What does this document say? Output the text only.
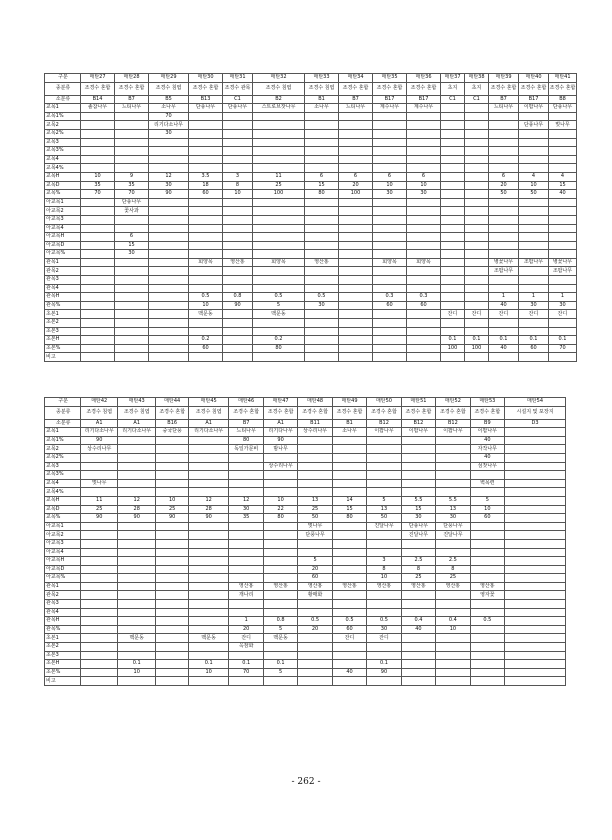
구분	매탄27	매탄28	매탄29	매탄30	매탄31	매탄32	매탄33	매탄34	매탄35	매탄36	매탄37	매탄38	매탄39	매탄40	매탄41
종분류	조경수 혼합	조경수 혼합	조경수 침엽	조경수 혼합	조경수 관목	조경수 침엽	조경수 침엽	조경수 혼합	조경수 혼합	조경수 혼합	초지	초지	조경수 혼합	조경수 혼합	조경수 혼합
소분류	B14	B7	B5	B13	C1	B2	B1	B7	B17	B17	C1	C1	B7	B17	B8
교목1	졸참나무	느티나무	소나무	단풍나무	단풍나무	스트로브잣나무	소나무	느티나무	계수나무	계수나무			느티나무	이팝나무	단풍나무
교목1%			70												
교목2			리기다소나무											단풍나무	벚나무
교목2%			30												
교목3															
교목3%															
교목4															
교목4%															
교목H	10	9	12	3.5	3	11	6	6	6	6			6	4	4
교목D	35	35	30	18	8	25	15	20	10	10			20	10	15
교목%	70	70	90	60	10	100	80	100	30	30			50	50	40
아교목1		단풍나무													
아교목2		꽃사과													
아교목3															
아교목4															
아교목H		6													
아교목D		15													
아교목%		30													
관목1				회양목	영산홍	회양목	영산홍		회양목	회양목			병꽃나무	조팝나무	병꽃나무
관목2													조팝나무		조팝나무
관목3															
관목4															
관목H				0.5	0.8	0.5	0.5		0.3	0.3			1	1	1
관목%				10	90	5	30		60	60			40	30	30
초본1				맥문동		맥문동					잔디	잔디	잔디	잔디	잔디
초본2															
초본3															
초본H				0.2		0.2					0.1	0.1	0.1	0.1	0.1
초본%				60		80					100	100	40	60	70
비고															
구분	매탄42	매탄43	매탄44	매탄45	매탄46	매탄47	매탄48	매탄49	매탄50	매탄51	매탄52	매탄53	매탄54
종분류	조경수 침엽	조경수 침엽	조경수 혼합	조경수 침엽	조경수 혼합	조경수 혼합	조경수 혼합	조경수 혼합	조경수 혼합	조경수 혼합	조경수 혼합	조경수 혼합	시설지 및 포장지
소분류	A1	A1	B16	A1	B7	A1	B11	B1	B12	B12	B12	B9	D3
교목1	리기다소나무	리기다소나무	중국단풍	리기다소나무	느티나무	리기다나무	상수리나무	소나무	이팝나무	이팝나무	이팝나무	이팝나무	
교목1%	90				80	90						40	
교목2	상수리나무				독일가문비	밤나무						자작나무	
교목2%												40	
교목3						상수리나무						섬잣나무	
교목3%													
교목4	벚나무											벽목련	
교목4%													
교목H	11	12	10	12	12	10	13	14	5	5.5	5.5	5	
교목D	25	28	25	28	30	22	25	15	13	15	13	10	
교목%	90	90	90	90	35	80	50	80	50	30	30	60	
아교목1							벚나무		진달나무	단풍나무	단풍나무		
아교목2							단풍나무			진달나무	진달나무		
아교목3													
아교목4													
아교목H							5		3	2.5	2.5		
아교목D							20		8	8	8		
아교목%							60		10	25	25		
관목1					영산홍	영산홍	영산홍	영산홍	영산홍	영산홍	영산홍	영산홍	
관목2					개나리		황매화					영자꽃	
관목3													
관목4													
관목H					1	0.8	0.5	0.5	0.5	0.4	0.4	0.5	
관목%					20	5	20	60	30	40	10		
초본1		맥문동		맥문동	잔디	맥문동		잔디	잔디				
초본2					옥잠화								
초본3													
초본H		0.1		0.1	0.1	0.1			0.1				
초본%		10		10	70	5		40	90				
비고													
- 262 -
